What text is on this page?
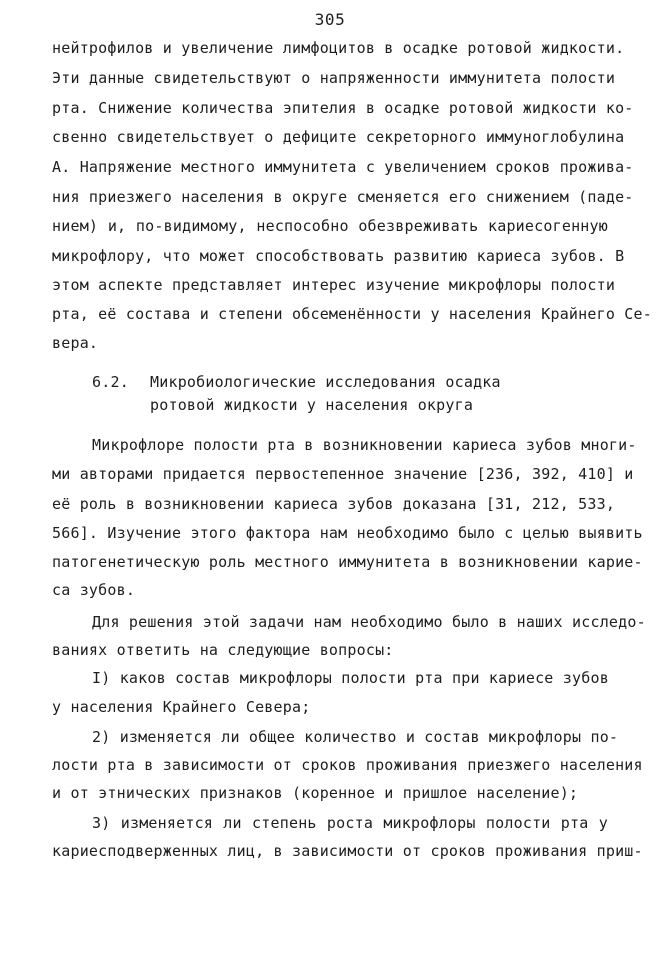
305
нейтрофилов и увеличение лимфоцитов в осадке ротовой жидкости.
Эти данные свидетельствуют о напряженности иммунитета полости
рта. Снижение количества эпителия в осадке ротовой жидкости ко-
свенно свидетельствует о дефиците секреторного иммуноглобулина
А. Напряжение местного иммунитета с увеличением сроков прожива-
ния приезжего населения в округе сменяется его снижением (паде-
нием) и, по-видимому, неспособно обезвреживать кариесогенную
микрофлору, что может способствовать развитию кариеса зубов. В
этом аспекте представляет интерес изучение микрофлоры полости
рта, её состава и степени обсеменённости у населения Крайнего Се-
вера.
6.2. Микробиологические исследования осадка
ротовой жидкости у населения округа
Микрофлоре полости рта в возникновении кариеса зубов многи-
ми авторами придается первостепенное значение [236, 392, 410] и
её роль в возникновении кариеса зубов доказана [31, 212, 533,
566]. Изучение этого фактора нам необходимо было с целью выявить
патогенетическую роль местного иммунитета в возникновении карие-
са зубов.
Для решения этой задачи нам необходимо было в наших исследо-
ваниях ответить на следующие вопросы:
I) каков состав микрофлоры полости рта при кариесе зубов
у населения Крайнего Севера;
2) изменяется ли общее количество и состав микрофлоры по-
лости рта в зависимости от сроков проживания приезжего населения
и от этнических признаков (коренное и пришлое население);
3) изменяется ли степень роста микрофлоры полости рта у
кариесподверженных лиц, в зависимости от сроков проживания приш-
